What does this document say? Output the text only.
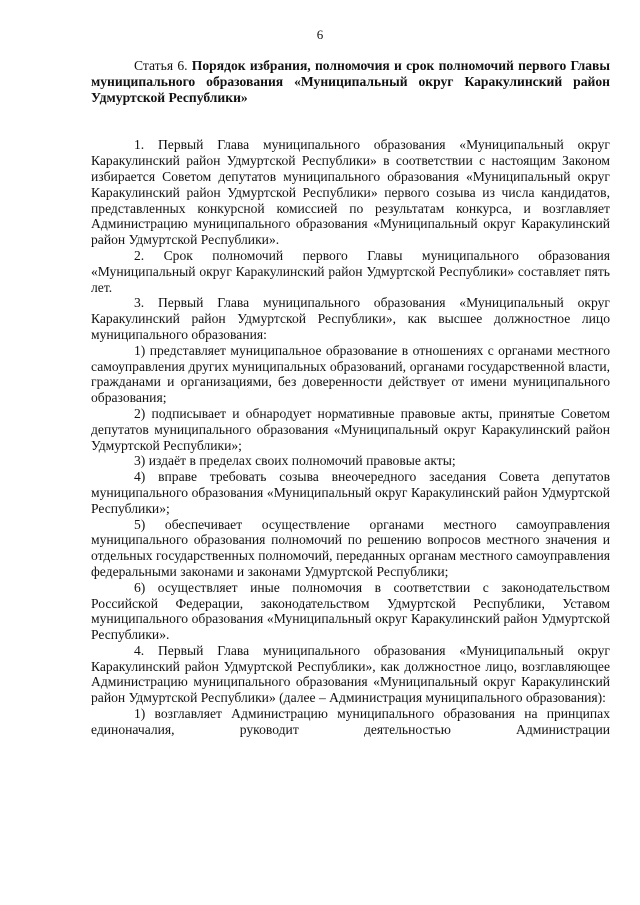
6
Статья 6. Порядок избрания, полномочия и срок полномочий первого Главы муниципального образования «Муниципальный округ Каракулинский район Удмуртской Республики»

1. Первый Глава муниципального образования «Муниципальный округ Каракулинский район Удмуртской Республики» в соответствии с настоящим Законом избирается Советом депутатов муниципального образования «Муниципальный округ Каракулинский район Удмуртской Республики» первого созыва из числа кандидатов, представленных конкурсной комиссией по результатам конкурса, и возглавляет Администрацию муниципального образования «Муниципальный округ Каракулинский район Удмуртской Республики».

2. Срок полномочий первого Главы муниципального образования «Муниципальный округ Каракулинский район Удмуртской Республики» составляет пять лет.

3. Первый Глава муниципального образования «Муниципальный округ Каракулинский район Удмуртской Республики», как высшее должностное лицо муниципального образования:

1) представляет муниципальное образование в отношениях с органами местного самоуправления других муниципальных образований, органами государственной власти, гражданами и организациями, без доверенности действует от имени муниципального образования;

2) подписывает и обнародует нормативные правовые акты, принятые Советом депутатов муниципального образования «Муниципальный округ Каракулинский район Удмуртской Республики»;

3) издаёт в пределах своих полномочий правовые акты;

4) вправе требовать созыва внеочередного заседания Совета депутатов муниципального образования «Муниципальный округ Каракулинский район Удмуртской Республики»;

5) обеспечивает осуществление органами местного самоуправления муниципального образования полномочий по решению вопросов местного значения и отдельных государственных полномочий, переданных органам местного самоуправления федеральными законами и законами Удмуртской Республики;

6) осуществляет иные полномочия в соответствии с законодательством Российской Федерации, законодательством Удмуртской Республики, Уставом муниципального образования «Муниципальный округ Каракулинский район Удмуртской Республики».

4. Первый Глава муниципального образования «Муниципальный округ Каракулинский район Удмуртской Республики», как должностное лицо, возглавляющее Администрацию муниципального образования «Муниципальный округ Каракулинский район Удмуртской Республики» (далее – Администрация муниципального образования):

1) возглавляет Администрацию муниципального образования на принципах единоначалия, руководит деятельностью Администрации
